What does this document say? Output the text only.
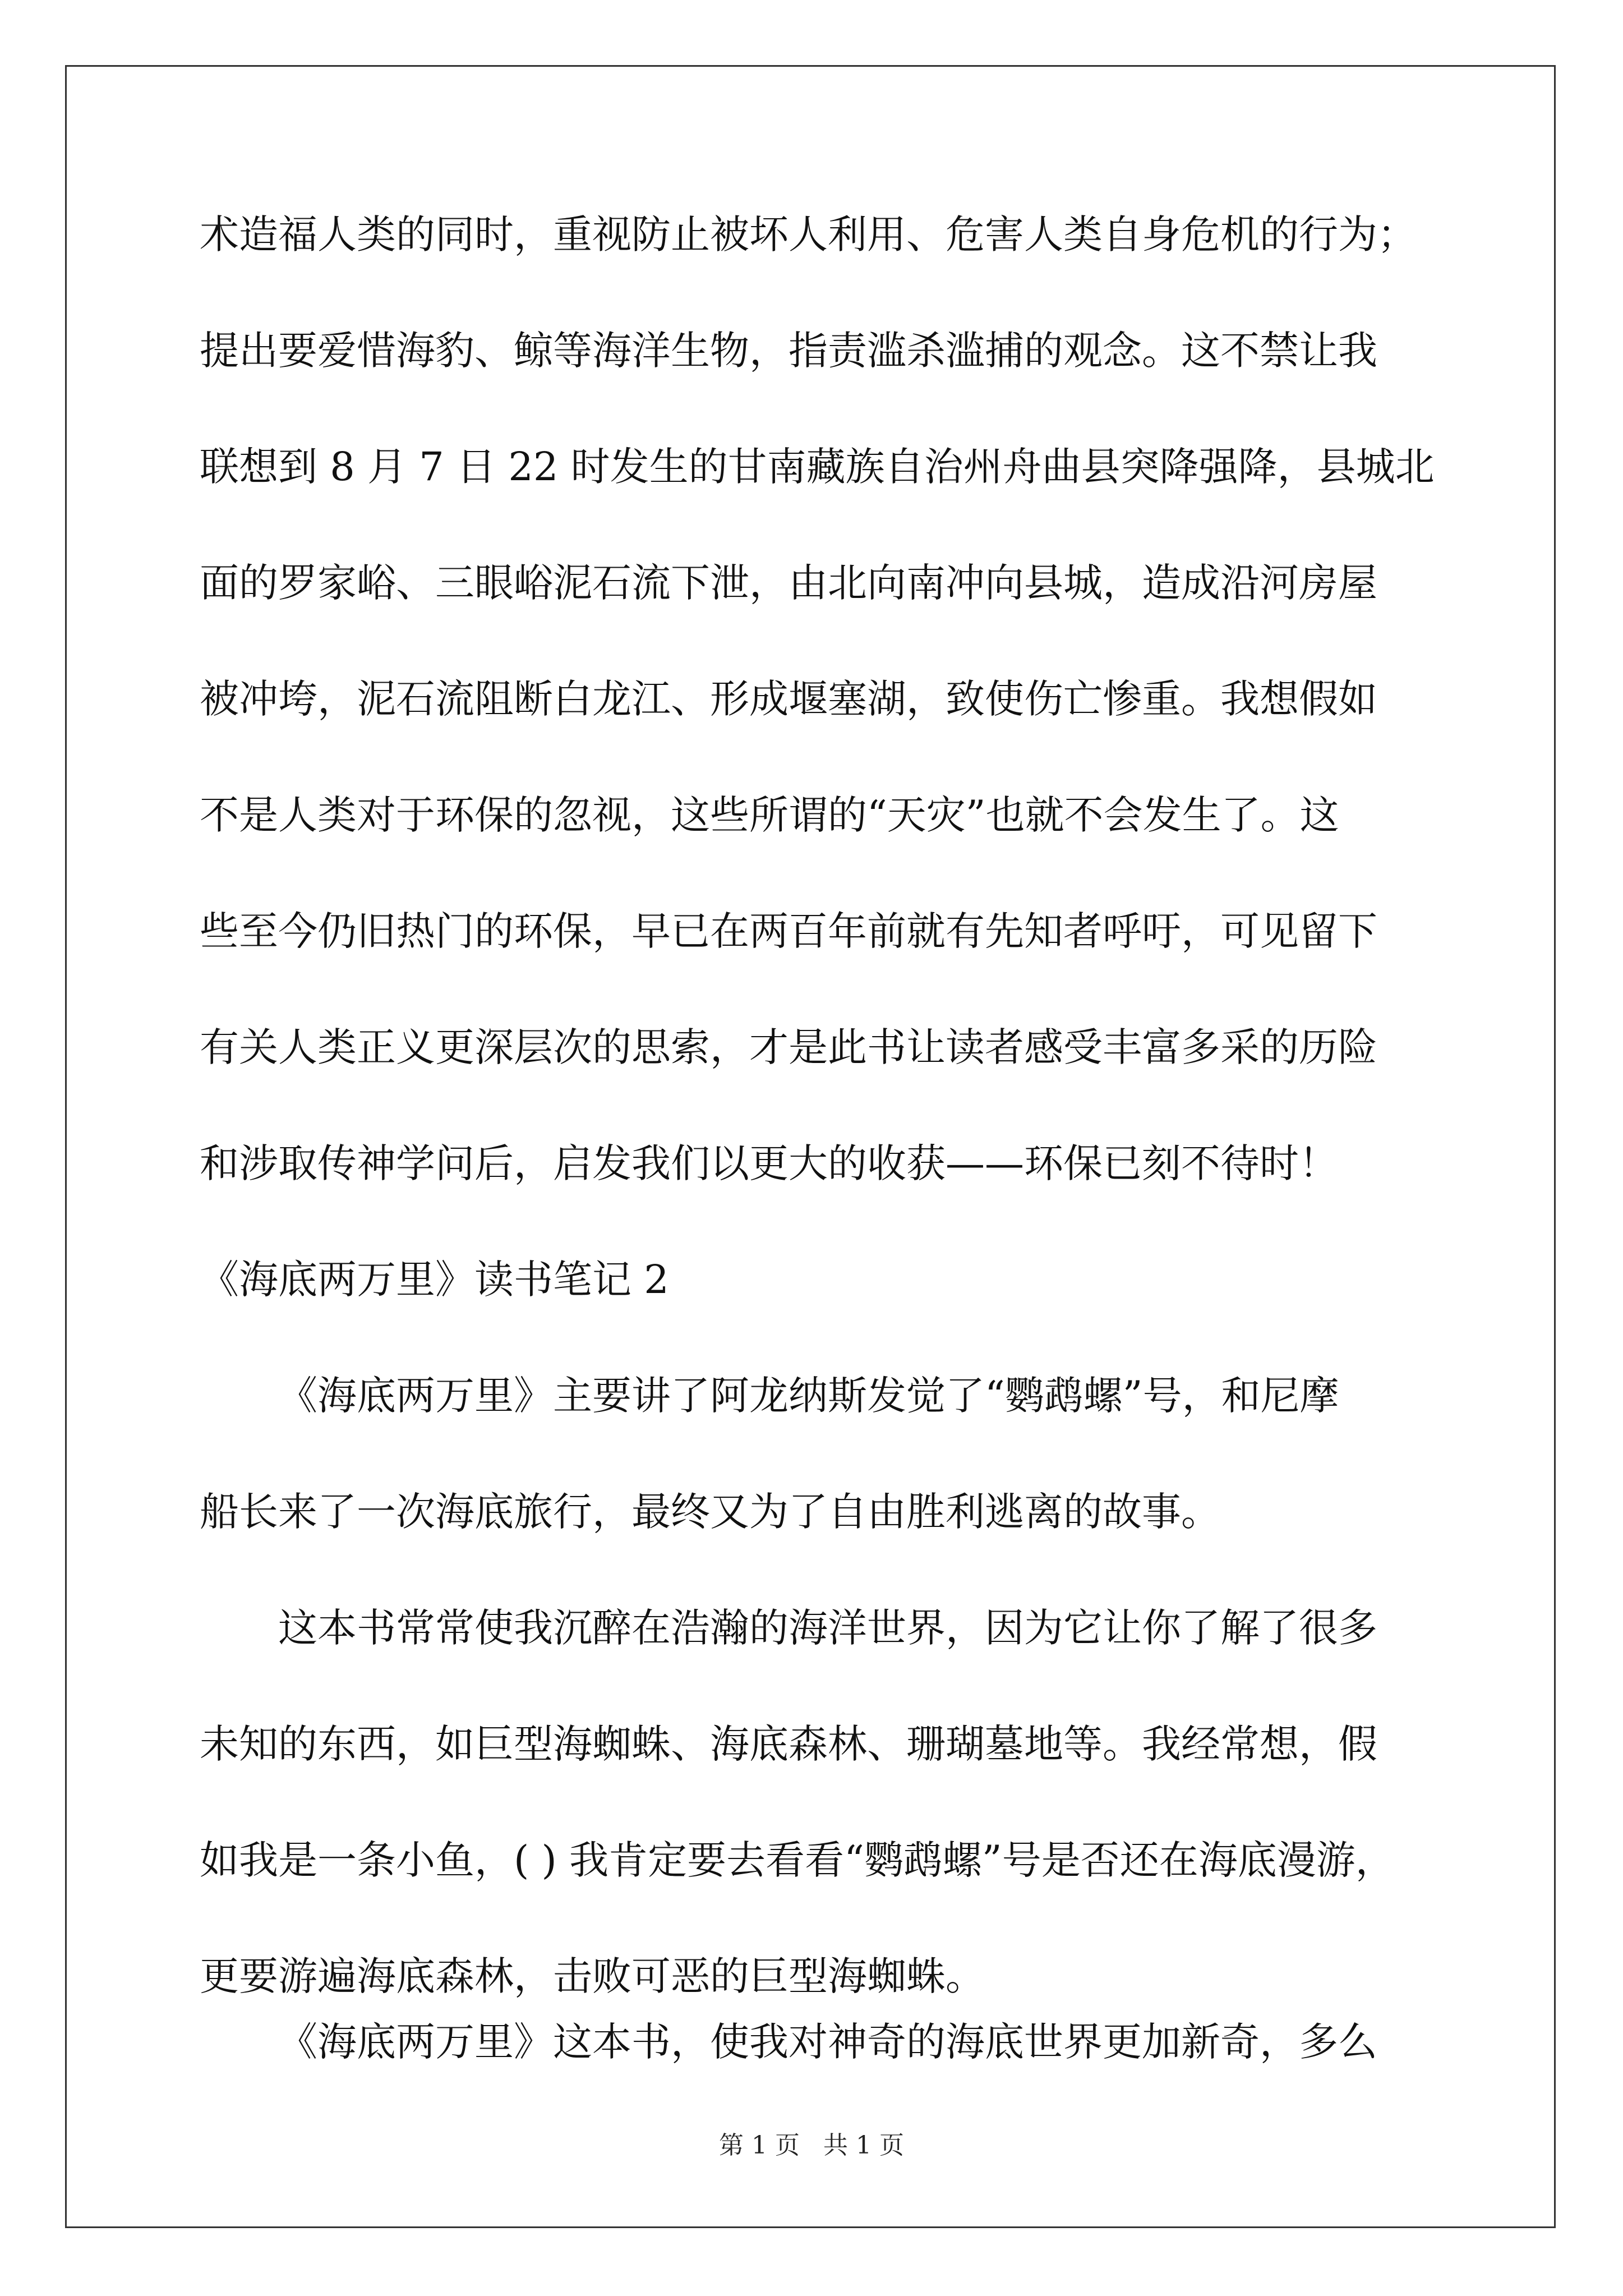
术造福人类的同时，重视防止被坏人利用、危害人类自身危机的行为；
提出要爱惜海豹、鲸等海洋生物，指责滥杀滥捕的观念。这不禁让我
联想到 8 月 7 日 22 时发生的甘南藏族自治州舟曲县突降强降，县城北
面的罗家峪、三眼峪泥石流下泄，由北向南冲向县城，造成沿河房屋
被冲垮，泥石流阻断白龙江、形成堰塞湖，致使伤亡惨重。我想假如
不是人类对于环保的忽视，这些所谓的“天灾”也就不会发生了。这
些至今仍旧热门的环保，早已在两百年前就有先知者呼吁，可见留下
有关人类正义更深层次的思索，才是此书让读者感受丰富多采的历险
和涉取传神学问后，启发我们以更大的收获——环保已刻不待时！
《海底两万里》读书笔记 2
《海底两万里》主要讲了阿龙纳斯发觉了“鹦鹉螺”号，和尼摩
船长来了一次海底旅行，最终又为了自由胜利逃离的故事。
这本书常常使我沉醉在浩瀚的海洋世界，因为它让你了解了很多
未知的东西，如巨型海蜘蛛、海底森林、珊瑚墓地等。我经常想，假
如我是一条小鱼，( ) 我肯定要去看看“鹦鹉螺”号是否还在海底漫游，
更要游遍海底森林，击败可恶的巨型海蜘蛛。
《海底两万里》这本书，使我对神奇的海底世界更加新奇，多么
第 1 页 共 1 页
